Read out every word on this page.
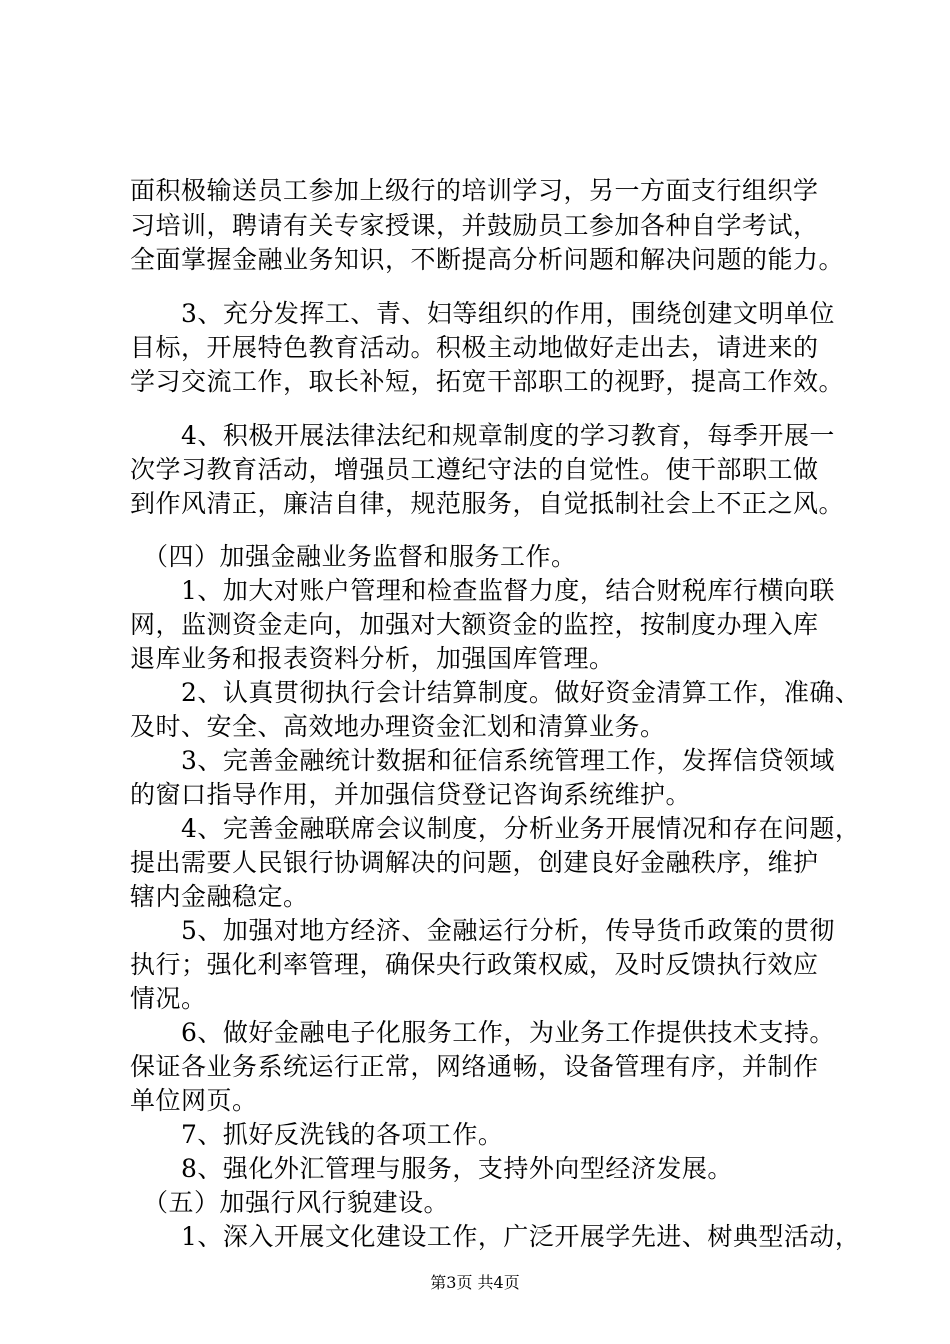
面积极输送员工参加上级行的培训学习，另一方面支行组织学
习培训，聘请有关专家授课，并鼓励员工参加各种自学考试，
全面掌握金融业务知识，不断提高分析问题和解决问题的能力。
　　3、充分发挥工、青、妇等组织的作用，围绕创建文明单位
目标，开展特色教育活动。积极主动地做好走出去，请进来的
学习交流工作，取长补短，拓宽干部职工的视野，提高工作效。
　　4、积极开展法律法纪和规章制度的学习教育，每季开展一
次学习教育活动，增强员工遵纪守法的自觉性。使干部职工做
到作风清正，廉洁自律，规范服务，自觉抵制社会上不正之风。
　（四）加强金融业务监督和服务工作。
　　1、加大对账户管理和检查监督力度，结合财税库行横向联
网，监测资金走向，加强对大额资金的监控，按制度办理入库
退库业务和报表资料分析，加强国库管理。
　　2、认真贯彻执行会计结算制度。做好资金清算工作，准确、
及时、安全、高效地办理资金汇划和清算业务。
　　3、完善金融统计数据和征信系统管理工作，发挥信贷领域
的窗口指导作用，并加强信贷登记咨询系统维护。
　　4、完善金融联席会议制度，分析业务开展情况和存在问题，
提出需要人民银行协调解决的问题，创建良好金融秩序，维护
辖内金融稳定。
　　5、加强对地方经济、金融运行分析，传导货币政策的贯彻
执行；强化利率管理，确保央行政策权威，及时反馈执行效应
情况。
　　6、做好金融电子化服务工作，为业务工作提供技术支持。
保证各业务系统运行正常，网络通畅，设备管理有序，并制作
单位网页。
　　7、抓好反洗钱的各项工作。
　　8、强化外汇管理与服务，支持外向型经济发展。
　（五）加强行风行貌建设。
　　1、深入开展文化建设工作，广泛开展学先进、树典型活动，
第3页 共4页
